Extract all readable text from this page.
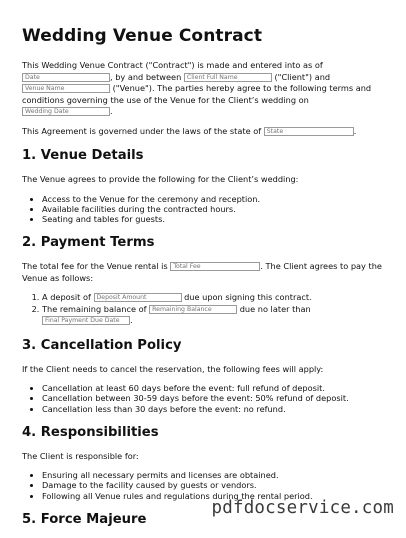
Wedding Venue Contract

This Wedding Venue Contract ("Contract") is made and entered into as of Date, by and between Client Full Name	("Client") and Venue Name ("Venue"). The parties hereby agree to the following terms and conditions governing the use of the Venue for the Client’s wedding on Wedding Date.

This Agreement is governed under the laws of the state of State	.

1. Venue Details

The Venue agrees to provide the following for the Client’s wedding:

• Access to the Venue for the ceremony and reception.
• Available facilities during the contracted hours.
• Seating and tables for guests.
2. Payment Terms

The total fee for the Venue rental is Total Fee	. The Client agrees to pay the Venue as follows:

1. A deposit of Deposit Amount	due upon signing this contract.
2. The remaining balance of Remaining Balance	due no later than Final Payment Due Date.
3. Cancellation Policy

If the Client needs to cancel the reservation, the following fees will apply:

• Cancellation at least 60 days before the event: full refund of deposit.
• Cancellation between 30-59 days before the event: 50% refund of deposit.
• Cancellation less than 30 days before the event: no refund.
4. Responsibilities

The Client is responsible for:

• Ensuring all necessary permits and licenses are obtained.
• Damage to the facility caused by guests or vendors.
• Following all Venue rules and regulations during the rental period.
5. Force Majeure
pdfdocservice.com
